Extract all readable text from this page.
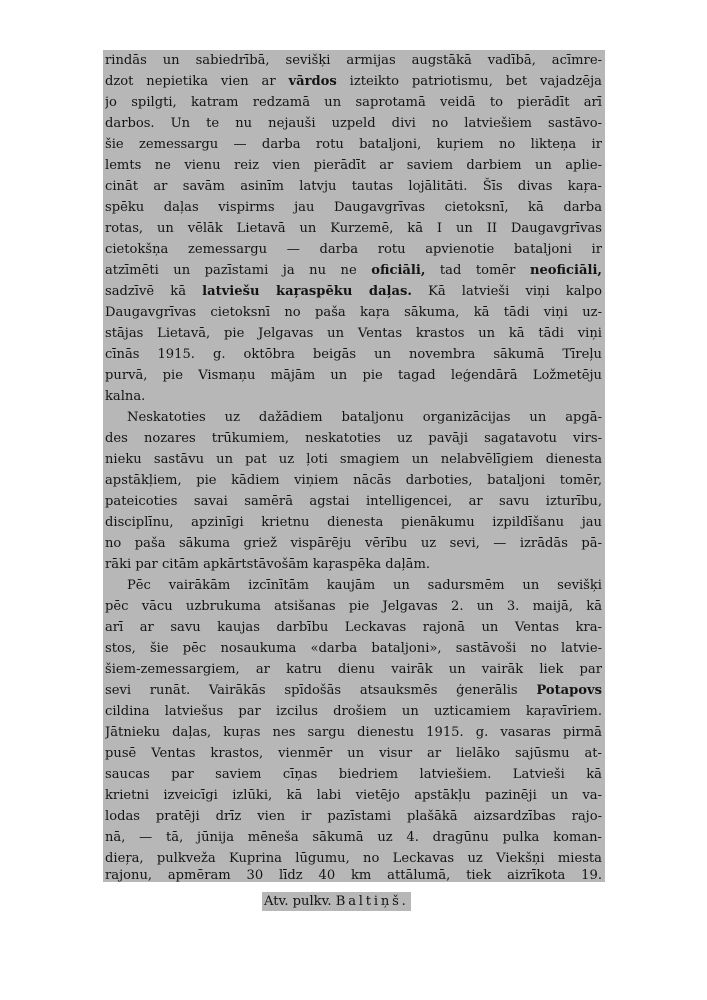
rindās un sabiedrībā, sevišķi armijas augstākā vadībā, acīmre-
dzot nepietika vien ar vārdos izteikto patriotismu, bet vajadzēja
jo spilgti, katram redzamā un saprotamā veidā to pierādīt arī
darbos. Un te nu nejauši uzpeld divi no latviešiem sastāvo-
šie zemessargu — darba rotu bataljoni, kuŗiem no likteņa ir
lemts ne vienu reiz vien pierādīt ar saviem darbiem un aplie-
cināt ar savām asinīm latvju tautas lojālitāti. Šīs divas kaŗa-
spēku daļas vispirms jau Daugavgrīvas cietoksnī, kā darba
rotas, un vēlāk Lietavā un Kurzemē, kā I un II Daugavgrīvas
cietokšņa zemessargu — darba rotu apvienotie bataljoni ir
atzīmēti un pazīstami ja nu ne oficiāli, tad tomēr neoficiāli,
sadzīvē kā latviešu kaŗaspēku daļas. Kā latvieši viņi kalpo
Daugavgrīvas cietoksnī no paša kaŗa sākuma, kā tādi viņi uz-
stājas Lietavā, pie Jelgavas un Ventas krastos un kā tādi viņi
cīnās 1915. g. oktōbra beigās un novembra sākumā Tīreļu
purvā, pie Vismaņu mājām un pie tagad leģendārā Ložmetēju
kalna.
Neskatoties uz dažādiem bataljonu organizācijas un apgā-
des nozares trūkumiem, neskatoties uz pavāji sagatavotu virs-
nieku sastāvu un pat uz ļoti smagiem un nelabvēlīgiem dienesta
apstākļiem, pie kādiem viņiem nācās darboties, bataljoni tomēr,
pateicoties savai samērā agstai intelligencei, ar savu izturību,
disciplīnu, apzinīgi krietnu dienesta pienākumu izpildīšanu jau
no paša sākuma griež vispārēju vērību uz sevi, — izrādās pā-
rāki par citām apkārtstāvošām kaŗaspēka daļām.
Pēc vairākām izcīnītām kaujām un sadursmēm un sevišķi
pēc vācu uzbrukuma atsišanas pie Jelgavas 2. un 3. maijā, kā
arī ar savu kaujas darbību Leckavas rajonā un Ventas kra-
stos, šie pēc nosaukuma «darba bataljoni», sastāvoši no latvie-
šiem-zemessargiem, ar katru dienu vairāk un vairāk liek par
sevi runāt. Vairākās spīdošās atsauksmēs ģenerālis Potapovs
cildina latviešus par izcilus drošiem un uzticamiem kaŗavīriem.
Jātnieku daļas, kuŗas nes sargu dienestu 1915. g. vasaras pirmā
pusē Ventas krastos, vienmēr un visur ar lielāko sajūsmu at-
saucas par saviem cīņas biedriem latviešiem. Latvieši kā
krietni izveicīgi izlūki, kā labi vietējo apstākļu pazinēji un va-
lodas pratēji drīz vien ir pazīstami plašākā aizsardzības rajo-
nā, — tā, jūnija mēneša sākumā uz 4. dragūnu pulka koman-
dieŗa, pulkveža Kuprina lūgumu, no Leckavas uz Viekšņi miesta
rajonu, apmēram 30 līdz 40 km attālumā, tiek aizrīkota 19.
Atv. pulkv. Baltiņš.
